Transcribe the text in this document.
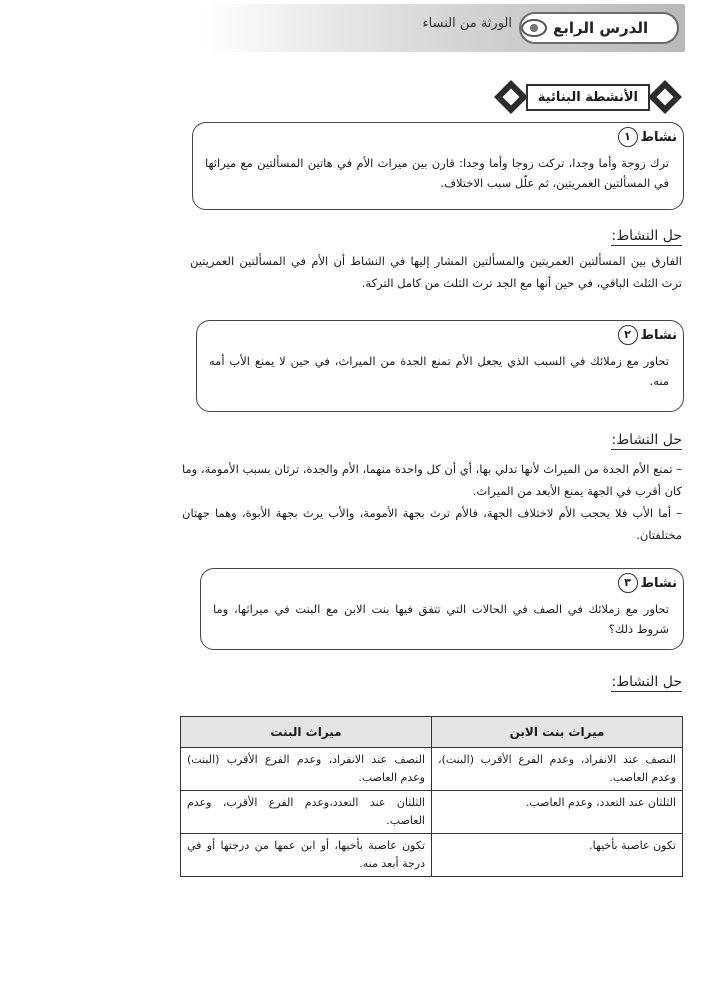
الدرس الرابع
الورثة من النساء
الأنشطة البنائية
نشاط
١
ترك زوجة وأما وجدا، تركت زوجا وأما وجدا: قارن بين ميراث الأم في هاتين المسألتين مع ميراثها في المسألتين العمريتين، ثم علّل سبب الاختلاف.
حل النشاط:
الفارق بين المسألتين العمريتين والمسألتين المشار إليها في النشاط أن الأم في المسألتين العمريتين ترث الثلث الباقي، في حين أنها مع الجد ترث الثلث من كامل التركة.
نشاط
٢
تحاور مع زملائك في السبب الذي يجعل الأم تمنع الجدة من الميراث، في حين لا يمنع الأب أمه منه.
حل النشاط:
– تمنع الأم الجدة من الميراث لأنها تدلي بها، أي أن كل واحدة منهما، الأم والجدة، ترثان بسبب الأمومة، وما كان أقرب في الجهة يمنع الأبعد من الميراث.
– أما الأب فلا يحجب الأم لاختلاف الجهة، فالأم ترث بجهة الأمومة، والأب يرث بجهة الأبوة، وهما جهتان مختلفتان.
نشاط
٣
تحاور مع زملائك في الصف في الحالات التي تتفق فيها بنت الابن مع البنت في ميراثها، وما شروط ذلك؟
حل النشاط:
ميراث بنت الابن	ميراث البنت
النصف عند الانفراد، وعدم الفرع الأقرب (البنت)، وعدم العاصب.	النصف عند الانفراد، وعدم الفرع الأقرب (البنت) وعدم العاصب.
الثلثان عند التعدد، وعدم العاصب.	الثلثان عند التعدد،وعدم الفرع الأقرب، وعدم العاصب.
تكون عاصبة بأخيها.	تكون عاصبة بأخيها، أو ابن عمها من درجتها أو في درجة أبعد منه.
